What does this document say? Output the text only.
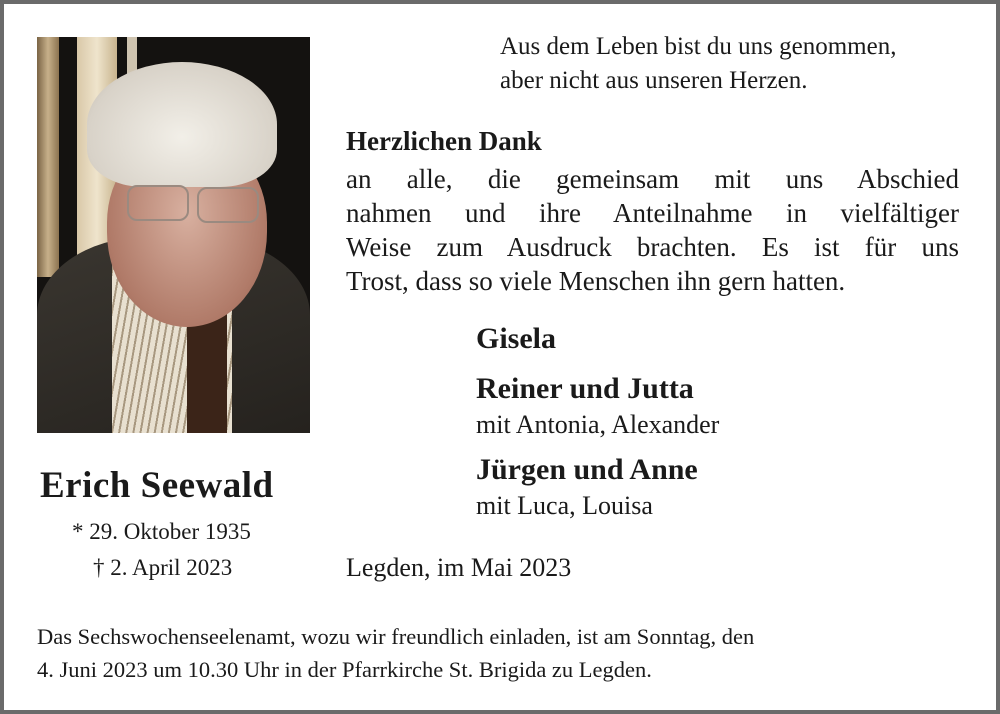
Aus dem Leben bist du uns genommen,
aber nicht aus unseren Herzen.
Herzlichen Dank
an alle, die gemeinsam mit uns Abschied
nahmen und ihre Anteilnahme in vielfältiger
Weise zum Ausdruck brachten. Es ist für uns
Trost, dass so viele Menschen ihn gern hatten.
Gisela
Reiner und Jutta
mit Antonia, Alexander
Jürgen und Anne
mit Luca, Louisa
Erich Seewald
* 29. Oktober 1935
† 2. April 2023	Legden, im Mai 2023
Das Sechswochenseelenamt, wozu wir freundlich einladen, ist am Sonntag, den
4. Juni 2023 um 10.30 Uhr in der Pfarrkirche St. Brigida zu Legden.
